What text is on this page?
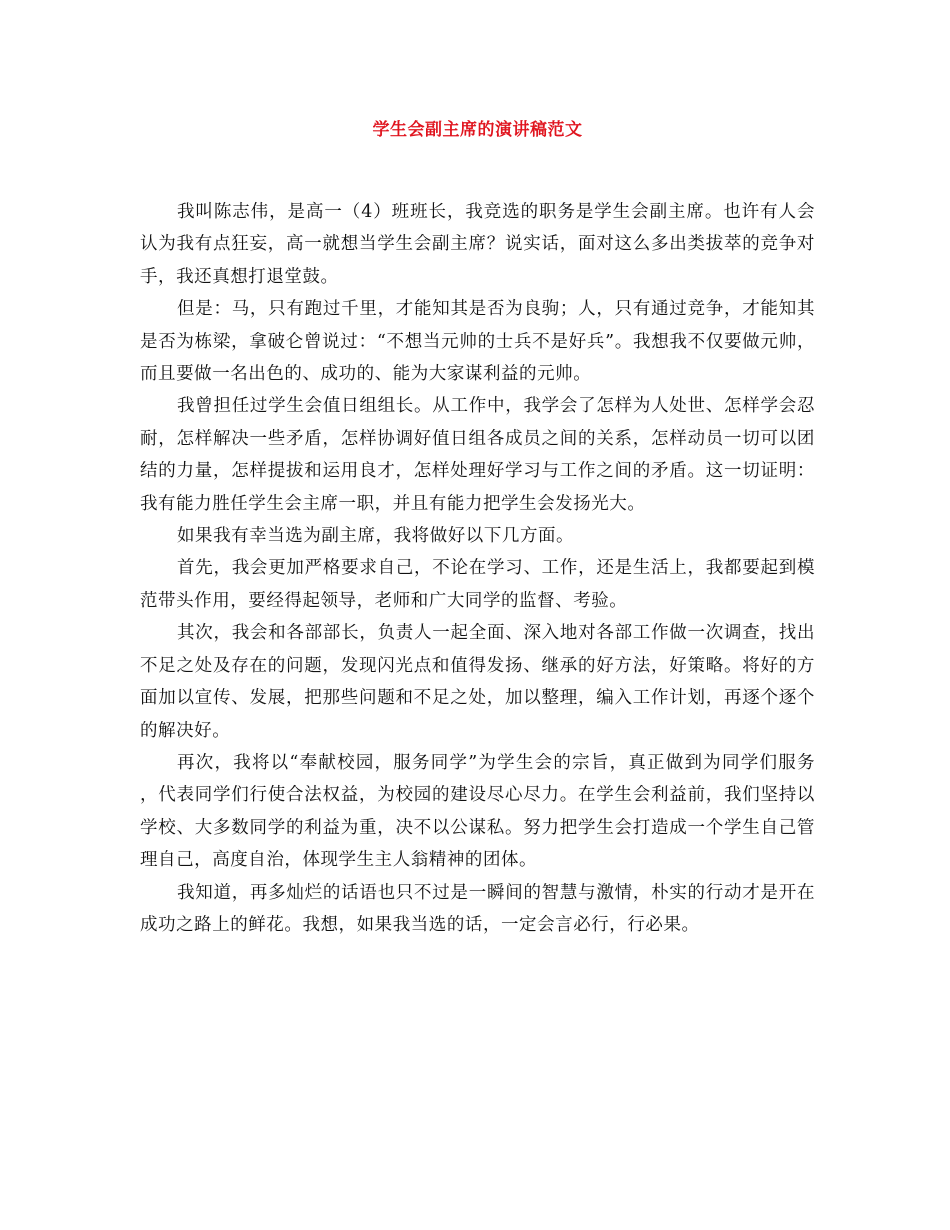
学生会副主席的演讲稿范文

我叫陈志伟，是高一（4）班班长，我竞选的职务是学生会副主席。也许有人会认为我有点狂妄，高一就想当学生会副主席？说实话，面对这么多出类拔萃的竞争对手，我还真想打退堂鼓。

但是：马，只有跑过千里，才能知其是否为良驹；人，只有通过竞争，才能知其是否为栋梁，拿破仑曾说过：“不想当元帅的士兵不是好兵”。我想我不仅要做元帅，而且要做一名出色的、成功的、能为大家谋利益的元帅。

我曾担任过学生会值日组组长。从工作中，我学会了怎样为人处世、怎样学会忍耐，怎样解决一些矛盾，怎样协调好值日组各成员之间的关系，怎样动员一切可以团结的力量，怎样提拔和运用良才，怎样处理好学习与工作之间的矛盾。这一切证明：我有能力胜任学生会主席一职，并且有能力把学生会发扬光大。

如果我有幸当选为副主席，我将做好以下几方面。

首先，我会更加严格要求自己，不论在学习、工作，还是生活上，我都要起到模范带头作用，要经得起领导，老师和广大同学的监督、考验。

其次，我会和各部部长，负责人一起全面、深入地对各部工作做一次调查，找出不足之处及存在的问题，发现闪光点和值得发扬、继承的好方法，好策略。将好的方面加以宣传、发展，把那些问题和不足之处，加以整理，编入工作计划，再逐个逐个的解决好。

再次，我将以“奉献校园，服务同学”为学生会的宗旨，真正做到为同学们服务 ，代表同学们行使合法权益，为校园的建设尽心尽力。在学生会利益前，我们坚持以学校、大多数同学的利益为重，决不以公谋私。努力把学生会打造成一个学生自己管理自己，高度自治，体现学生主人翁精神的团体。

我知道，再多灿烂的话语也只不过是一瞬间的智慧与激情，朴实的行动才是开在成功之路上的鲜花。我想，如果我当选的话，一定会言必行，行必果。
